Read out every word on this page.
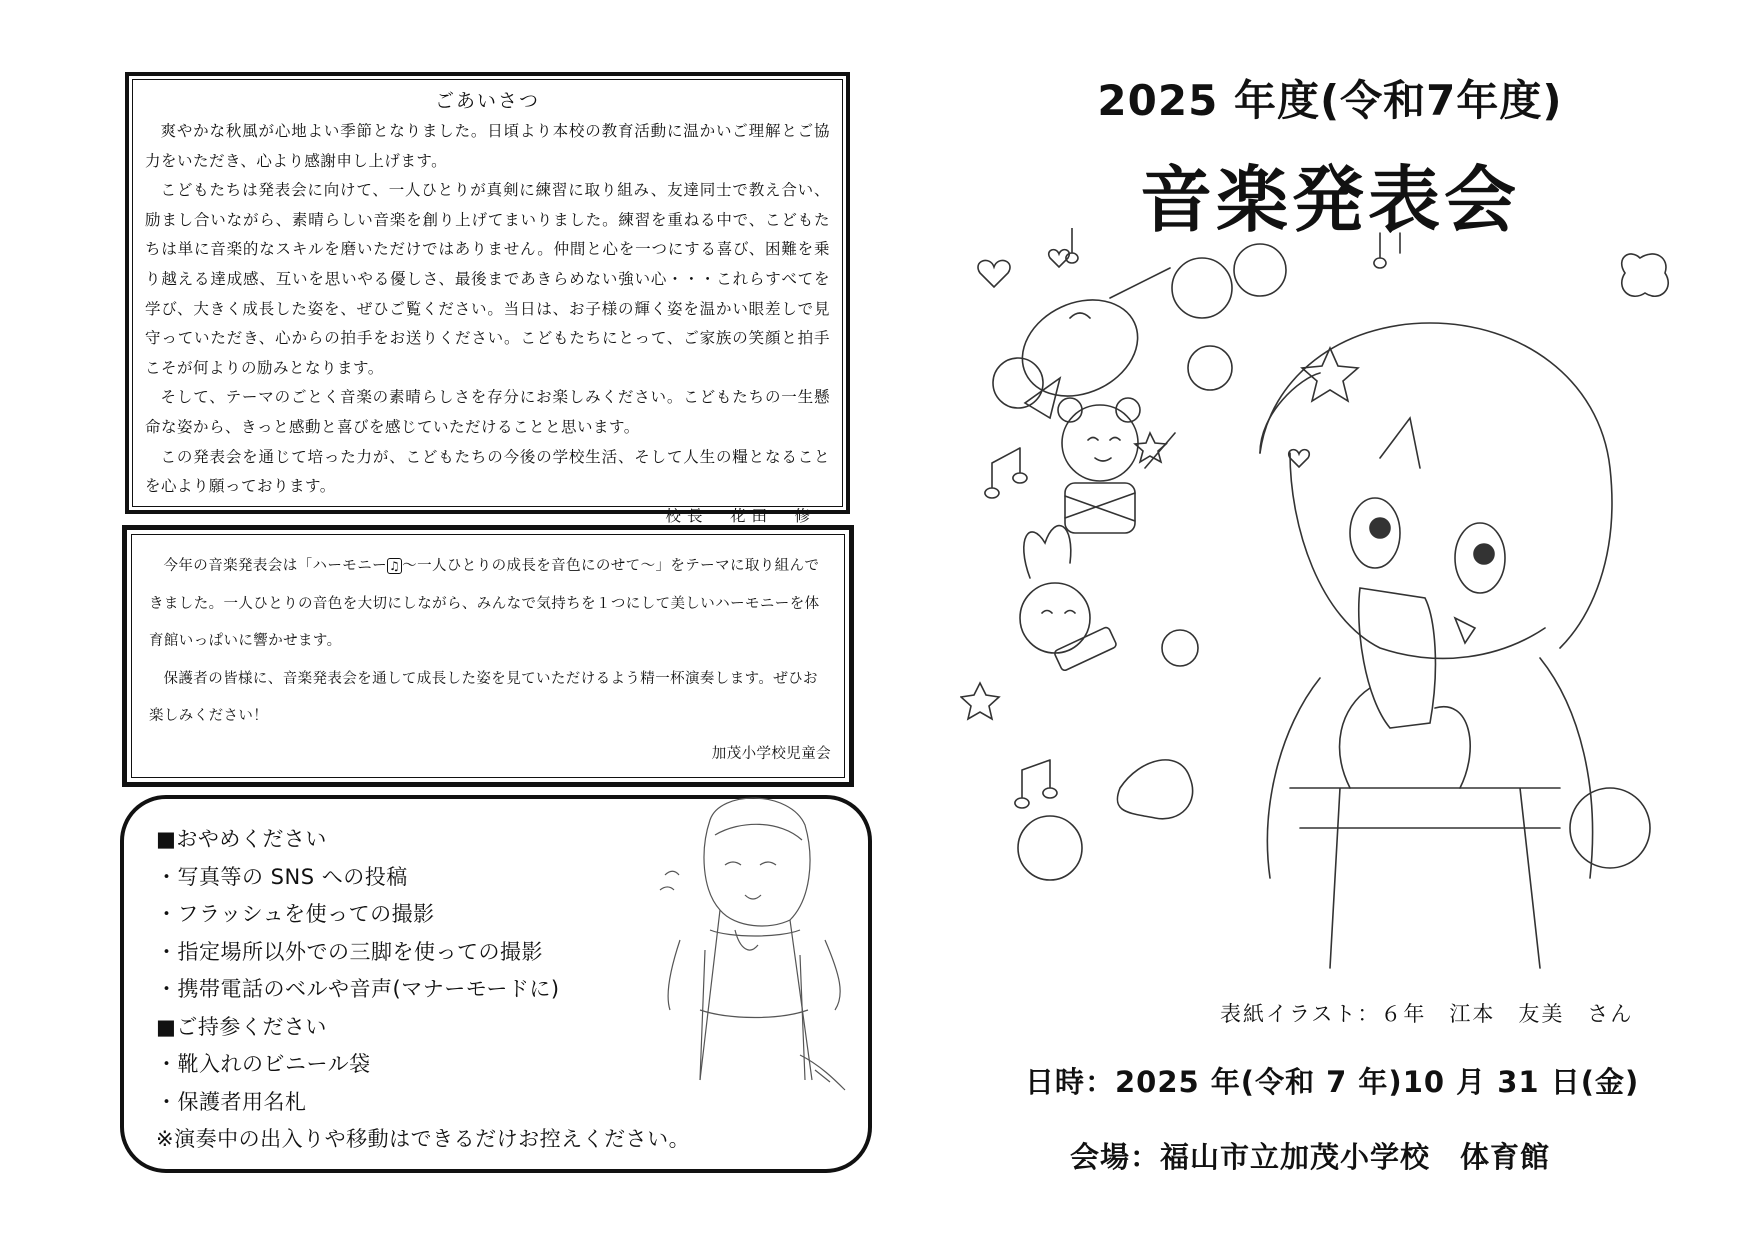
ごあいさつ

爽やかな秋風が心地よい季節となりました。日頃より本校の教育活動に温かいご理解とご協力をいただき、心より感謝申し上げます。

こどもたちは発表会に向けて、一人ひとりが真剣に練習に取り組み、友達同士で教え合い、励まし合いながら、素晴らしい音楽を創り上げてまいりました。練習を重ねる中で、こどもたちは単に音楽的なスキルを磨いただけではありません。仲間と心を一つにする喜び、困難を乗り越える達成感、互いを思いやる優しさ、最後まであきらめない強い心・・・これらすべてを学び、大きく成長した姿を、ぜひご覧ください。当日は、お子様の輝く姿を温かい眼差しで見守っていただき、心からの拍手をお送りください。こどもたちにとって、ご家族の笑顔と拍手こそが何よりの励みとなります。

そして、テーマのごとく音楽の素晴らしさを存分にお楽しみください。こどもたちの一生懸命な姿から、きっと感動と喜びを感じていただけることと思います。

この発表会を通じて培った力が、こどもたちの今後の学校生活、そして人生の糧となることを心より願っております。

校長　花田　修

今年の音楽発表会は「ハーモニー ♫ 〜一人ひとりの成長を音色にのせて〜」をテーマに取り組んできました。一人ひとりの音色を大切にしながら、みんなで気持ちを１つにして美しいハーモニーを体育館いっぱいに響かせます。

保護者の皆様に、音楽発表会を通して成長した姿を見ていただけるよう精一杯演奏します。ぜひお楽しみください！

加茂小学校児童会

■おやめください
・写真等の SNS への投稿
・フラッシュを使っての撮影
・指定場所以外での三脚を使っての撮影
・携帯電話のベルや音声(マナーモードに)
■ご持参ください
・靴入れのビニール袋
・保護者用名札
※演奏中の出入りや移動はできるだけお控えください。
2025 年度(令和7年度)
音楽発表会
表紙イラスト：６年　江本　友美　さん
日時：2025 年(令和 7 年)10 月 31 日(金)
会場：福山市立加茂小学校　体育館
